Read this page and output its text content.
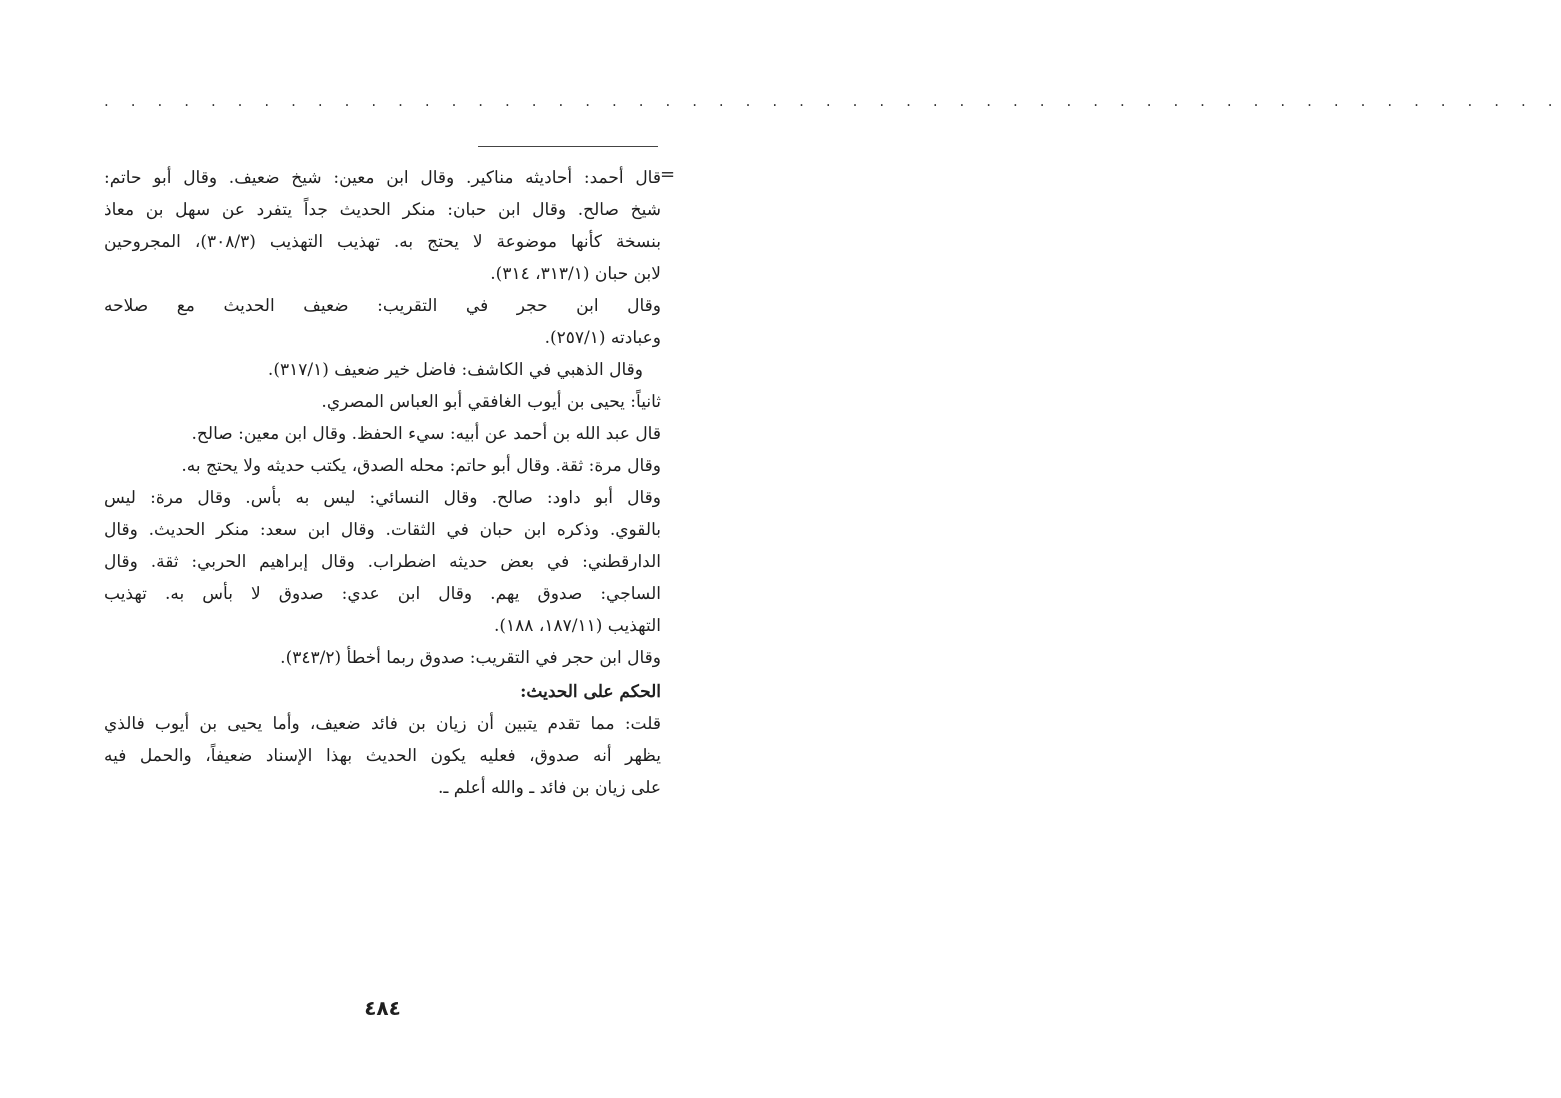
. . . . . . . . . . . . . . . . . . . . . . . . . . . . . . . . . . . . . . . . . . . . . . . . . . . . . . .
=
قال أحمد: أحاديثه مناكير. وقال ابن معين: شيخ ضعيف. وقال أبو حاتم:
شيخ صالح. وقال ابن حبان: منكر الحديث جداً يتفرد عن سهل بن معاذ
بنسخة كأنها موضوعة لا يحتج به. تهذيب التهذيب (٣٠٨/٣)، المجروحين
لابن حبان (٣١٣/١، ٣١٤).
وقال ابن حجر في التقريب: ضعيف الحديث مع صلاحه
وعبادته (٢٥٧/١).
وقال الذهبي في الكاشف: فاضل خير ضعيف (٣١٧/١).
ثانياً: يحيى بن أيوب الغافقي أبو العباس المصري.
قال عبد الله بن أحمد عن أبيه: سيء الحفظ. وقال ابن معين: صالح.
وقال مرة: ثقة. وقال أبو حاتم: محله الصدق، يكتب حديثه ولا يحتج به.
وقال أبو داود: صالح. وقال النسائي: ليس به بأس. وقال مرة: ليس
بالقوي. وذكره ابن حبان في الثقات. وقال ابن سعد: منكر الحديث. وقال
الدارقطني: في بعض حديثه اضطراب. وقال إبراهيم الحربي: ثقة. وقال
الساجي: صدوق يهم. وقال ابن عدي: صدوق لا بأس به. تهذيب
التهذيب (١٨٧/١١، ١٨٨).
وقال ابن حجر في التقريب: صدوق ربما أخطأ (٣٤٣/٢).
الحكم على الحديث:
قلت: مما تقدم يتبين أن زيان بن فائد ضعيف، وأما يحيى بن أيوب فالذي
يظهر أنه صدوق، فعليه يكون الحديث بهذا الإسناد ضعيفاً، والحمل فيه
على زيان بن فائد ـ والله أعلم ـ.
٤٨٤
